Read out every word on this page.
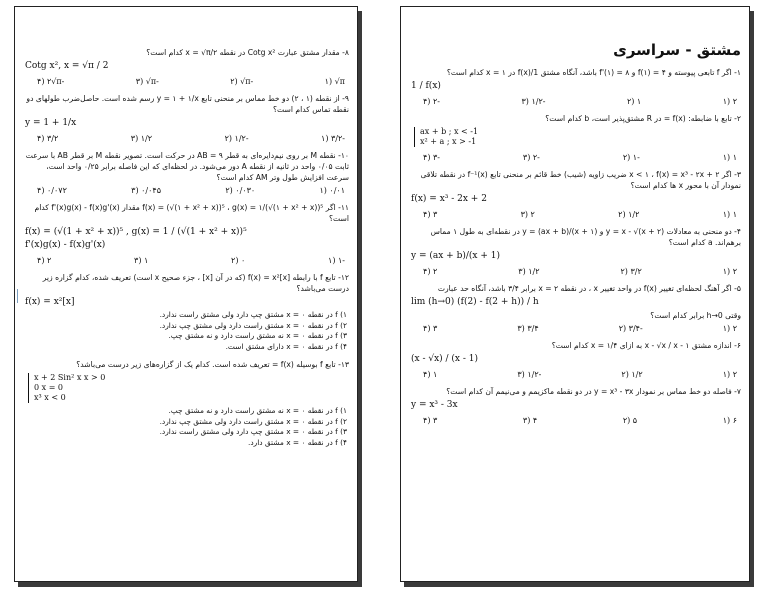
۸- مقدار مشتق عبارت Cotg x² در نقطه x = √π/۲ کدام است؟
Cotg x², x = √π / 2
۱) √π
۲) √π-
۳) √π-
۴) ۲√π-
۹- از نقطه (۱ ، ۲) دو خط مماس بر منحنی تابع y = ۱ + ۱/x رسم شده است. حاصل‌ضرب طولهای دو نقطه تماس کدام است؟
y = 1 + 1/x
۱) ۳/۲-
۲) ۱/۲-
۳) ۱/۲
۴) ۳/۲
۱۰- نقطه M بر روی نیم‌دایره‌ای به قطر ۹ = AB در حرکت است. تصویر نقطه M بر قطر AB با سرعت ثابت ۰/۰۵ واحد در ثانیه از نقطه A دور می‌شود. در لحظه‌ای که این فاصله برابر ۰/۲۵ واحد است، سرعت افزایش طول وتر AM کدام است؟
۱) ۰/۰۱
۲) ۰/۰۳۰
۳) ۰/۰۴۵
۴) ۰/۰۷۲
۱۱- اگر f(x) = (√(۱ + x² + x))⁵ ، g(x) = ۱/(√(۱ + x² + x))⁵ مقدار f'(x)g(x) - f(x)g'(x) کدام است؟
f(x) = (√(1 + x² + x))⁵ , g(x) = 1 / (√(1 + x² + x))⁵
f'(x)g(x) - f(x)g'(x)
۱) ۱-
۲) ۰
۳) ۱
۴) ۲
۱۲- تابع f با رابطه f(x) = x²[x] (که در آن [x] ، جزء صحیح x است) تعریف شده، کدام گزاره زیر درست می‌باشد؟
f(x) = x²[x]
۱) f در نقطه x = ۰ مشتق چپ دارد ولی مشتق راست ندارد.
۲) f در نقطه x = ۰ مشتق راست دارد ولی مشتق چپ ندارد.
۳) f در نقطه x = ۰ نه مشتق راست دارد و نه مشتق چپ.
۴) f در نقطه x = ۰ دارای مشتق است.
۱۳- تابع f بوسیله f(x) = تعریف شده است. کدام یک از گزاره‌های زیر درست می‌باشد؟
x + 2 Sin² x x > 0
0 x = 0
x³ x < 0
۱) f در نقطه x = ۰ نه مشتق راست دارد و نه مشتق چپ.
۲) f در نقطه x = ۰ مشتق راست دارد ولی مشتق چپ ندارد.
۳) f در نقطه x = ۰ مشتق چپ دارد ولی مشتق راست ندارد.
۴) f در نقطه x = ۰ مشتق دارد.
مشتق - سراسری
۱- اگر f تابعی پیوسته و ۴ = f(۱) و ۸ = f'(۱) باشد، آنگاه مشتق ‏1/f(x) در x = ۱ کدام است؟
1 / f(x)
۱) ۲
۲) ۱
۳) ۱/۲-
۴) ۲-
۲- تابع با ضابطه: f(x) = در R مشتق‌پذیر است، b کدام است؟
ax + b ; x < -1
x² + a ; x > -1
۱) ۱
۲) ۱-
۳) ۲-
۴) ۳-
۳- اگر x < ۱ ، f(x) = x³ - ۲x + ۲ ضریب زاویه (شیب) خط قائم بر منحنی تابع f⁻¹(x) در نقطه تلاقی نمودار آن با محور x ها کدام است؟
f(x) = x³ - 2x + 2
۱) ۱
۲) ۱/۲
۳) ۲
۴) ۳
۴- دو منحنی به معادلات y = x - √(x + ۲) و y = (ax + b)/(x + ۱) در نقطه‌ای به طول ۱ مماس برهم‌اند. a کدام است؟
y = (ax + b)/(x + 1)
۱) ۲
۲) ۳/۲
۳) ۱/۲
۴) ۲
۵- اگر آهنگ لحظه‌ای تغییر f(x) در واحد تغییر x ، در نقطه ۲ = x برابر ۳/۴ باشد، آنگاه حد عبارت
lim (h→0) (f(2) - f(2 + h)) / h
وقتی h→0 برابر کدام است؟
۱) ۲
۲) ۳/۴-
۳) ۳/۴
۴) ۳
۶- اندازه مشتق x - √x / x - ۱ به ازای x = ۱/۴ کدام است؟
(x - √x) / (x - 1)
۱) ۲
۲) ۱/۲
۳) ۱/۲-
۴) ۱
۷- فاصله دو خط مماس بر نمودار y = x³ - ۳x در دو نقطه ماکزیمم و می‌نیمم آن کدام است؟
y = x³ - 3x
۱) ۶
۲) ۵
۳) ۴
۴) ۳
